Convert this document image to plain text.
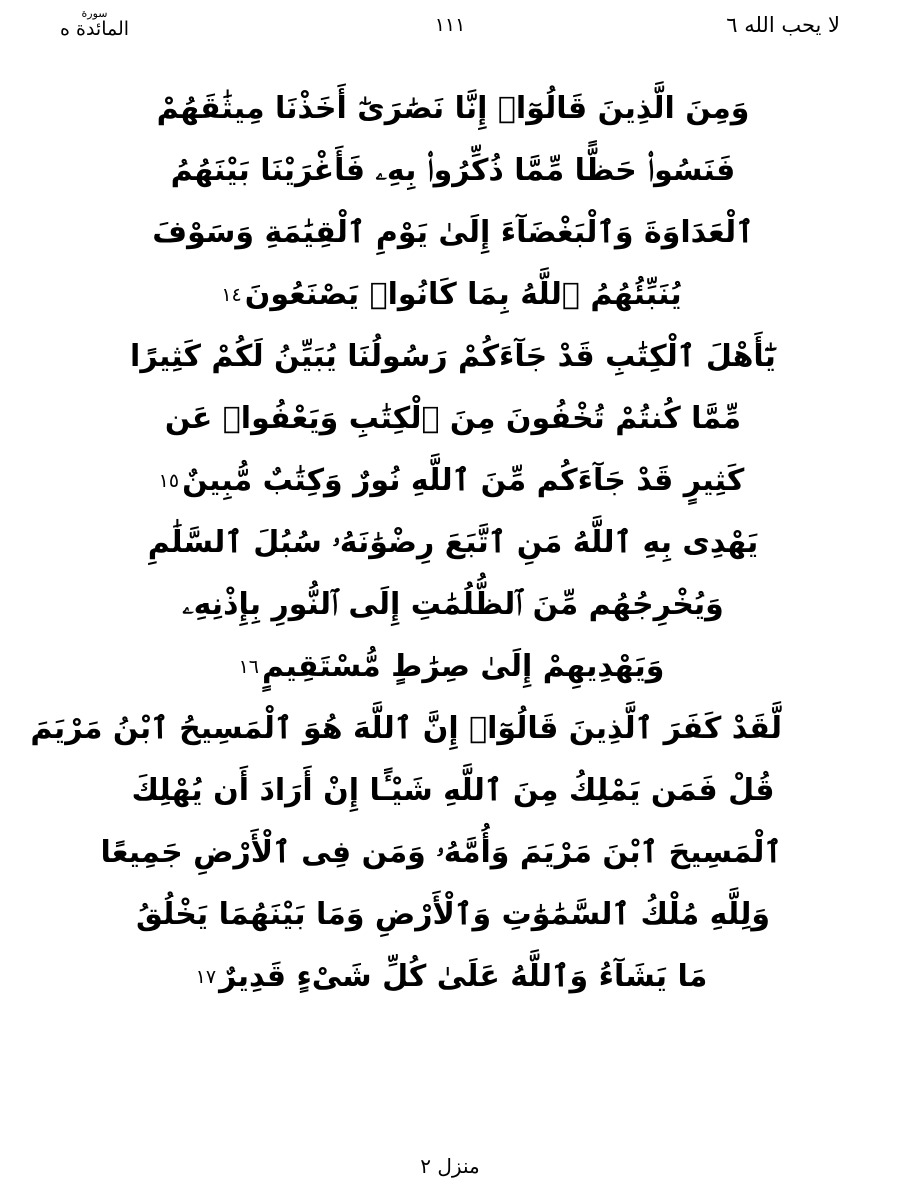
لا يحب الله ٦
١١١
سورة
المائدة ه
وَمِنَ الَّذِينَ قَالُوٓا۟ إِنَّا نَصَٰرَىٰٓ أَخَذْنَا مِيثَٰقَهُمْ
فَنَسُوا۟ حَظًّا مِّمَّا ذُكِّرُوا۟ بِهِۦ فَأَغْرَيْنَا بَيْنَهُمُ
ٱلْعَدَاوَةَ وَٱلْبَغْضَآءَ إِلَىٰ يَوْمِ ٱلْقِيَٰمَةِ وَسَوْفَ
يُنَبِّئُهُمُ ٱللَّهُ بِمَا كَانُوا۟ يَصْنَعُونَ١٤
يَٰٓأَهْلَ ٱلْكِتَٰبِ قَدْ جَآءَكُمْ رَسُولُنَا يُبَيِّنُ لَكُمْ كَثِيرًا
مِّمَّا كُنتُمْ تُخْفُونَ مِنَ ٱلْكِتَٰبِ وَيَعْفُوا۟ عَن
كَثِيرٍ قَدْ جَآءَكُم مِّنَ ٱللَّهِ نُورٌ وَكِتَٰبٌ مُّبِينٌ١٥
يَهْدِى بِهِ ٱللَّهُ مَنِ ٱتَّبَعَ رِضْوَٰنَهُۥ سُبُلَ ٱلسَّلَٰمِ
وَيُخْرِجُهُم مِّنَ ٱلظُّلُمَٰتِ إِلَى ٱلنُّورِ بِإِذْنِهِۦ
وَيَهْدِيهِمْ إِلَىٰ صِرَٰطٍ مُّسْتَقِيمٍ١٦
لَّقَدْ كَفَرَ ٱلَّذِينَ قَالُوٓا۟ إِنَّ ٱللَّهَ هُوَ ٱلْمَسِيحُ ٱبْنُ مَرْيَمَ
قُلْ فَمَن يَمْلِكُ مِنَ ٱللَّهِ شَيْـًٔا إِنْ أَرَادَ أَن يُهْلِكَ
ٱلْمَسِيحَ ٱبْنَ مَرْيَمَ وَأُمَّهُۥ وَمَن فِى ٱلْأَرْضِ جَمِيعًا
وَلِلَّهِ مُلْكُ ٱلسَّمَٰوَٰتِ وَٱلْأَرْضِ وَمَا بَيْنَهُمَا يَخْلُقُ
مَا يَشَآءُ وَٱللَّهُ عَلَىٰ كُلِّ شَىْءٍ قَدِيرٌ١٧
منزل ٢
